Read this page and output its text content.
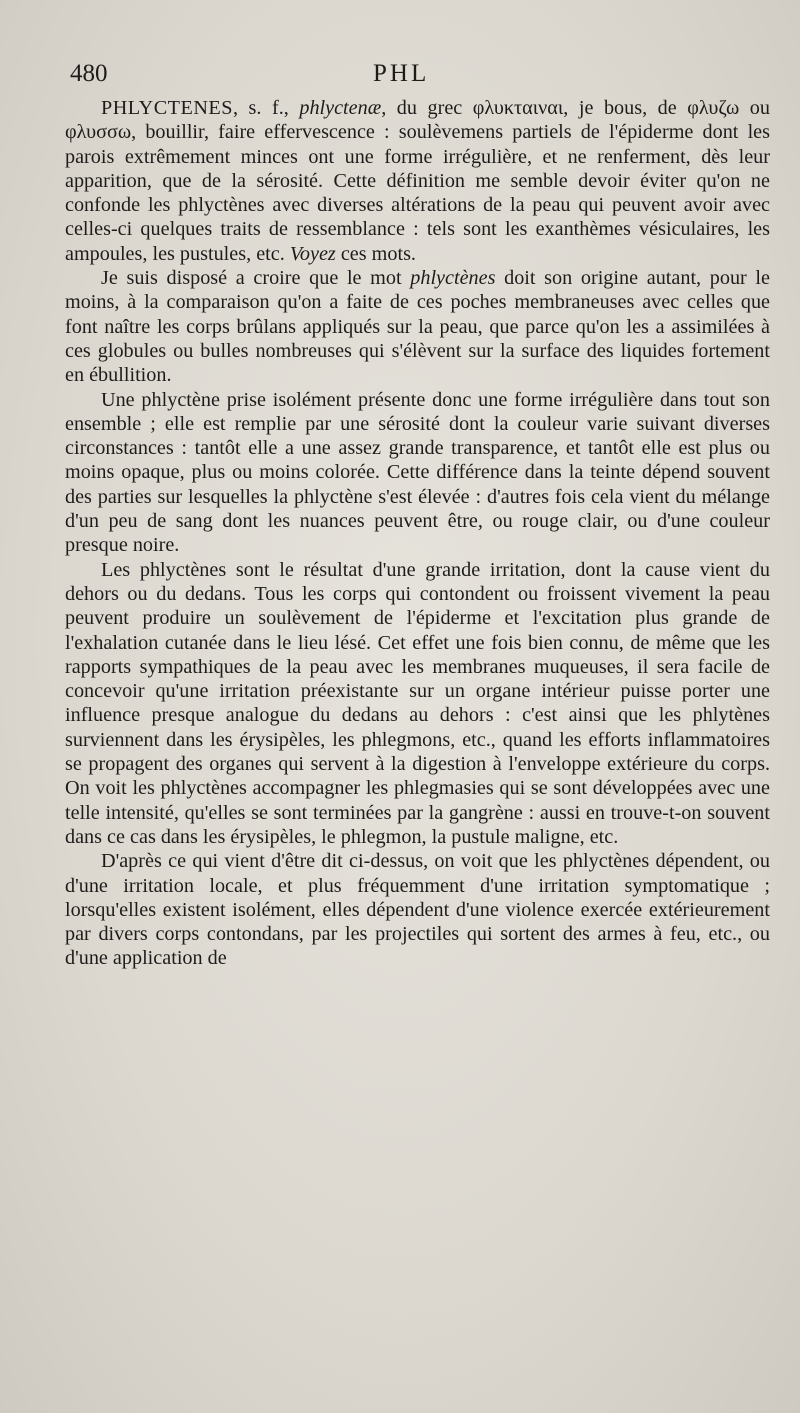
480	PHL

PHLYCTENES, s. f., phlyctenæ, du grec φλυκταιναι, je bous, de φλυζω ou φλυσσω, bouillir, faire effervescence : soulèvemens partiels de l'épiderme dont les parois extrêmement minces ont une forme irrégulière, et ne renferment, dès leur apparition, que de la sérosité. Cette définition me semble devoir éviter qu'on ne confonde les phlyctènes avec diverses altérations de la peau qui peuvent avoir avec celles-ci quelques traits de ressemblance : tels sont les exanthèmes vésiculaires, les ampoules, les pustules, etc. Voyez ces mots.

Je suis disposé a croire que le mot phlyctènes doit son origine autant, pour le moins, à la comparaison qu'on a faite de ces poches membraneuses avec celles que font naître les corps brûlans appliqués sur la peau, que parce qu'on les a assimilées à ces globules ou bulles nombreuses qui s'élèvent sur la surface des liquides fortement en ébullition.

Une phlyctène prise isolément présente donc une forme irrégulière dans tout son ensemble ; elle est remplie par une sérosité dont la couleur varie suivant diverses circonstances : tantôt elle a une assez grande transparence, et tantôt elle est plus ou moins opaque, plus ou moins colorée. Cette différence dans la teinte dépend souvent des parties sur lesquelles la phlyctène s'est élevée : d'autres fois cela vient du mélange d'un peu de sang dont les nuances peuvent être, ou rouge clair, ou d'une couleur presque noire.

Les phlyctènes sont le résultat d'une grande irritation, dont la cause vient du dehors ou du dedans. Tous les corps qui contondent ou froissent vivement la peau peuvent produire un soulèvement de l'épiderme et l'excitation plus grande de l'exhalation cutanée dans le lieu lésé. Cet effet une fois bien connu, de même que les rapports sympathiques de la peau avec les membranes muqueuses, il sera facile de concevoir qu'une irritation préexistante sur un organe intérieur puisse porter une influence presque analogue du dedans au dehors : c'est ainsi que les phlytènes surviennent dans les érysipèles, les phlegmons, etc., quand les efforts inflammatoires se propagent des organes qui servent à la digestion à l'enveloppe extérieure du corps. On voit les phlyctènes accompagner les phlegmasies qui se sont développées avec une telle intensité, qu'elles se sont terminées par la gangrène : aussi en trouve-t-on souvent dans ce cas dans les érysipèles, le phlegmon, la pustule maligne, etc.

D'après ce qui vient d'être dit ci-dessus, on voit que les phlyctènes dépendent, ou d'une irritation locale, et plus fréquemment d'une irritation symptomatique ; lorsqu'elles existent isolément, elles dépendent d'une violence exercée extérieurement par divers corps contondans, par les projectiles qui sortent des armes à feu, etc., ou d'une application de
